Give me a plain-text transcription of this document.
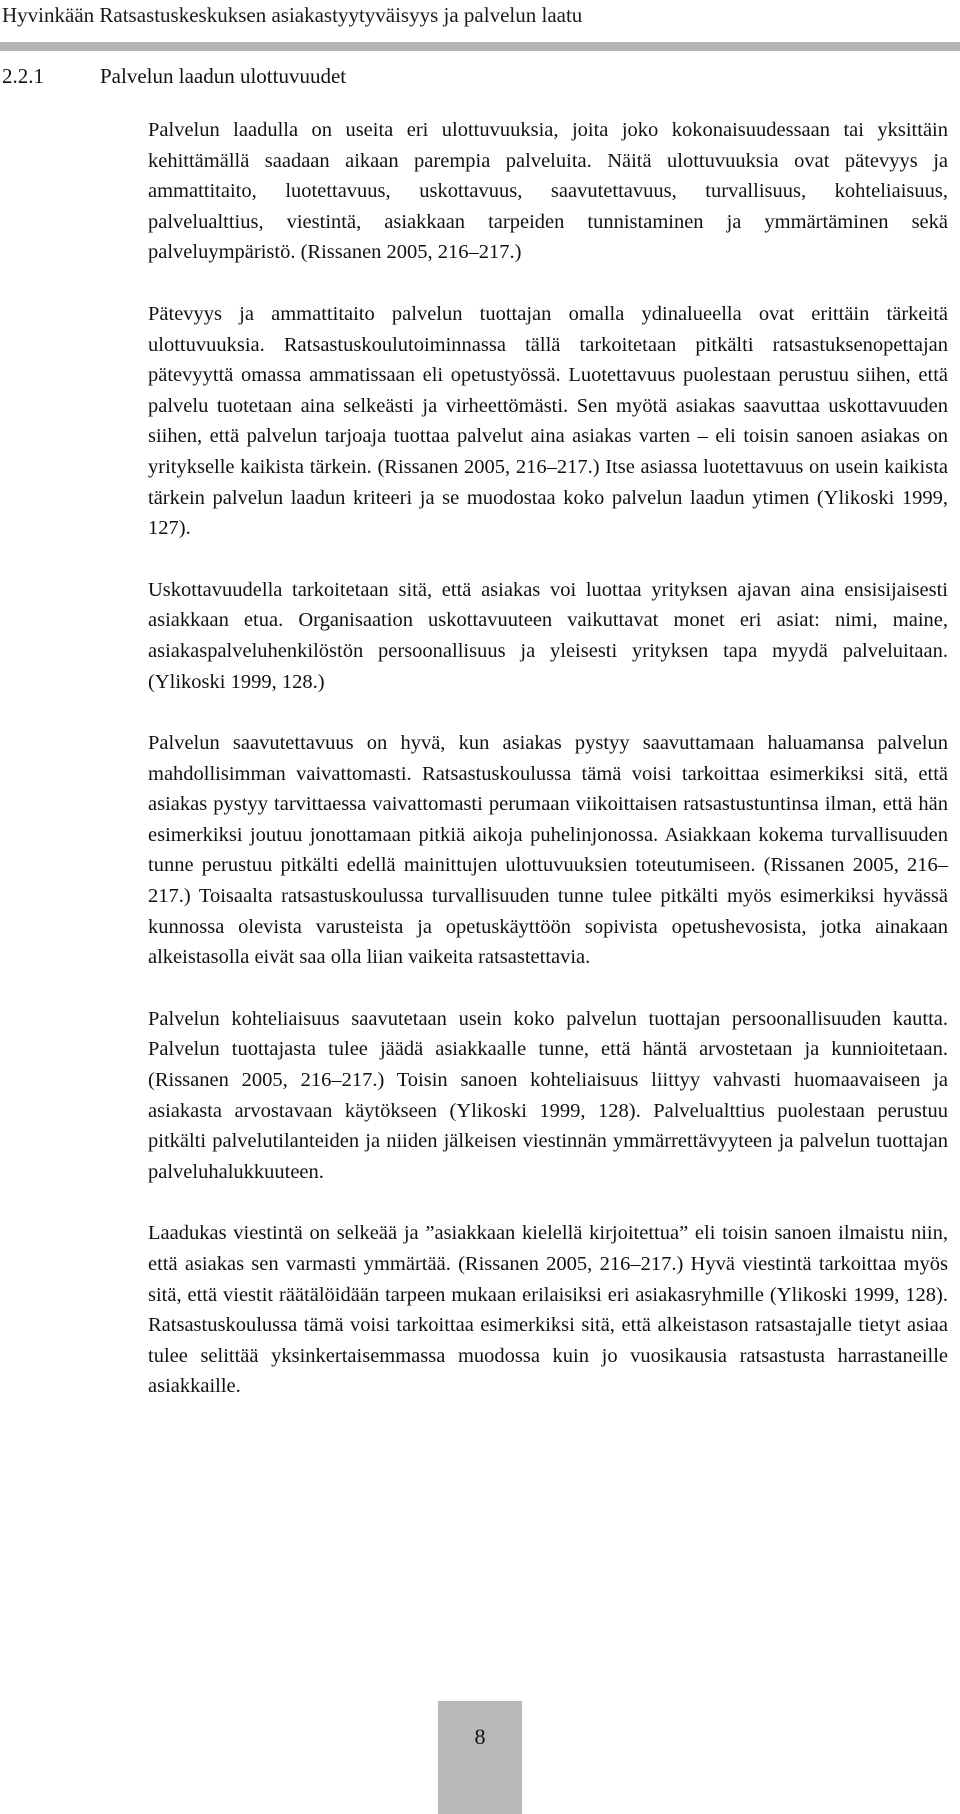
Hyvinkään Ratsastuskeskuksen asiakastyytyväisyys ja palvelun laatu
2.2.1	Palvelun laadun ulottuvuudet

Palvelun laadulla on useita eri ulottuvuuksia, joita joko kokonaisuudessaan tai yksittäin kehittämällä saadaan aikaan parempia palveluita. Näitä ulottuvuuksia ovat pätevyys ja ammattitaito, luotettavuus, uskottavuus, saavutettavuus, turvallisuus, kohteliaisuus, palvelualttius, viestintä, asiakkaan tarpeiden tunnistaminen ja ymmärtäminen sekä palveluympäristö. (Rissanen 2005, 216–217.)

Pätevyys ja ammattitaito palvelun tuottajan omalla ydinalueella ovat erittäin tärkeitä ulottuvuuksia. Ratsastuskoulutoiminnassa tällä tarkoitetaan pitkälti ratsastuksenopettajan pätevyyttä omassa ammatissaan eli opetustyössä. Luotettavuus puolestaan perustuu siihen, että palvelu tuotetaan aina selkeästi ja virheettömästi. Sen myötä asiakas saavuttaa uskottavuuden siihen, että palvelun tarjoaja tuottaa palvelut aina asiakas varten – eli toisin sanoen asiakas on yritykselle kaikista tärkein. (Rissanen 2005, 216–217.) Itse asiassa luotettavuus on usein kaikista tärkein palvelun laadun kriteeri ja se muodostaa koko palvelun laadun ytimen (Ylikoski 1999, 127).

Uskottavuudella tarkoitetaan sitä, että asiakas voi luottaa yrityksen ajavan aina ensisijaisesti asiakkaan etua. Organisaation uskottavuuteen vaikuttavat monet eri asiat: nimi, maine, asiakaspalveluhenkilöstön persoonallisuus ja yleisesti yrityksen tapa myydä palveluitaan. (Ylikoski 1999, 128.)

Palvelun saavutettavuus on hyvä, kun asiakas pystyy saavuttamaan haluamansa palvelun mahdollisimman vaivattomasti. Ratsastuskoulussa tämä voisi tarkoittaa esimerkiksi sitä, että asiakas pystyy tarvittaessa vaivattomasti perumaan viikoittaisen ratsastustuntinsa ilman, että hän esimerkiksi joutuu jonottamaan pitkiä aikoja puhelinjonossa. Asiakkaan kokema turvallisuuden tunne perustuu pitkälti edellä mainittujen ulottuvuuksien toteutumiseen. (Rissanen 2005, 216–217.) Toisaalta ratsastuskoulussa turvallisuuden tunne tulee pitkälti myös esimerkiksi hyvässä kunnossa olevista varusteista ja opetuskäyttöön sopivista opetushevosista, jotka ainakaan alkeistasolla eivät saa olla liian vaikeita ratsastettavia.

Palvelun kohteliaisuus saavutetaan usein koko palvelun tuottajan persoonallisuuden kautta. Palvelun tuottajasta tulee jäädä asiakkaalle tunne, että häntä arvostetaan ja kunnioitetaan. (Rissanen 2005, 216–217.) Toisin sanoen kohteliaisuus liittyy vahvasti huomaavaiseen ja asiakasta arvostavaan käytökseen (Ylikoski 1999, 128). Palvelualttius puolestaan perustuu pitkälti palvelutilanteiden ja niiden jälkeisen viestinnän ymmärrettävyyteen ja palvelun tuottajan palveluhalukkuuteen.

Laadukas viestintä on selkeää ja ”asiakkaan kielellä kirjoitettua” eli toisin sanoen ilmaistu niin, että asiakas sen varmasti ymmärtää. (Rissanen 2005, 216–217.) Hyvä viestintä tarkoittaa myös sitä, että viestit räätälöidään tarpeen mukaan erilaisiksi eri asiakasryhmille (Ylikoski 1999, 128). Ratsastuskoulussa tämä voisi tarkoittaa esimerkiksi sitä, että alkeistason ratsastajalle tietyt asiaa tulee selittää yksinkertaisemmassa muodossa kuin jo vuosikausia ratsastusta harrastaneille asiakkaille.

8
